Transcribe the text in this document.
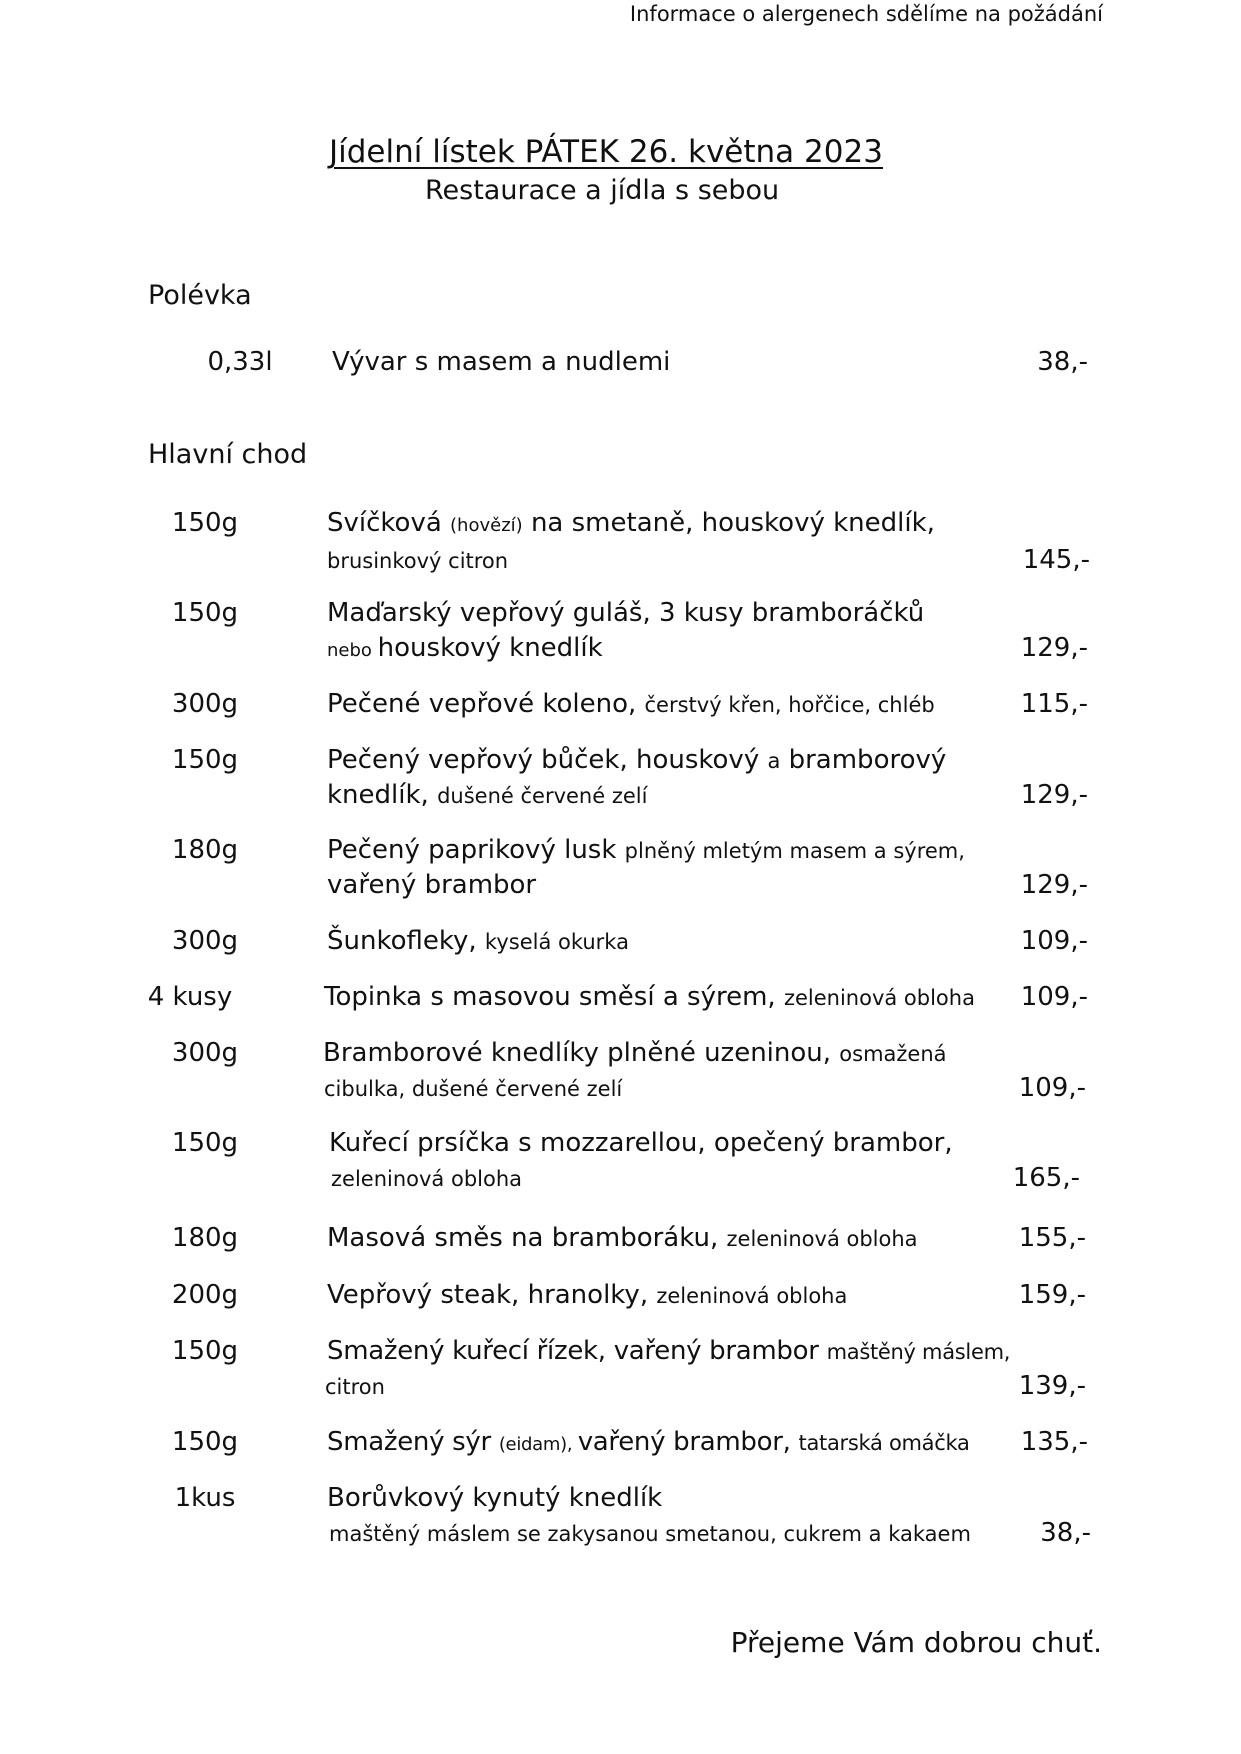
Informace o alergenech sdělíme na požádání
Jídelní lístek PÁTEK 26. května 2023
Restaurace a jídla s sebou
Polévka
0,33l	Vývar s masem a nudlemi	38,-
Hlavní chod
150g	Svíčková (hovězí) na smetaně, houskový knedlík,
brusinkový citron	145,-
150g	Maďarský vepřový guláš, 3 kusy bramboráčků
nebo houskový knedlík	129,-
300g	Pečené vepřové koleno, čerstvý křen, hořčice, chléb	115,-
150g	Pečený vepřový bůček, houskový a bramborový
knedlík, dušené červené zelí	129,-
180g	Pečený paprikový lusk plněný mletým masem a sýrem,
vařený brambor	129,-
300g	Šunkofleky, kyselá okurka	109,-
4 kusy	Topinka s masovou směsí a sýrem, zeleninová obloha 109,-
300g	Bramborové knedlíky plněné uzeninou, osmažená
cibulka, dušené červené zelí	109,-
150g	Kuřecí prsíčka s mozzarellou, opečený brambor,
zeleninová obloha	165,-
180g	Masová směs na bramboráku, zeleninová obloha	155,-
200g	Vepřový steak, hranolky, zeleninová obloha	159,-
150g	Smažený kuřecí řízek, vařený brambor maštěný máslem,
citron	139,-
150g	Smažený sýr (eidam), vařený brambor, tatarská omáčka 135,-
1kus	Borůvkový kynutý knedlík
maštěný máslem se zakysanou smetanou, cukrem a kakaem	38,-
Přejeme Vám dobrou chuť.
